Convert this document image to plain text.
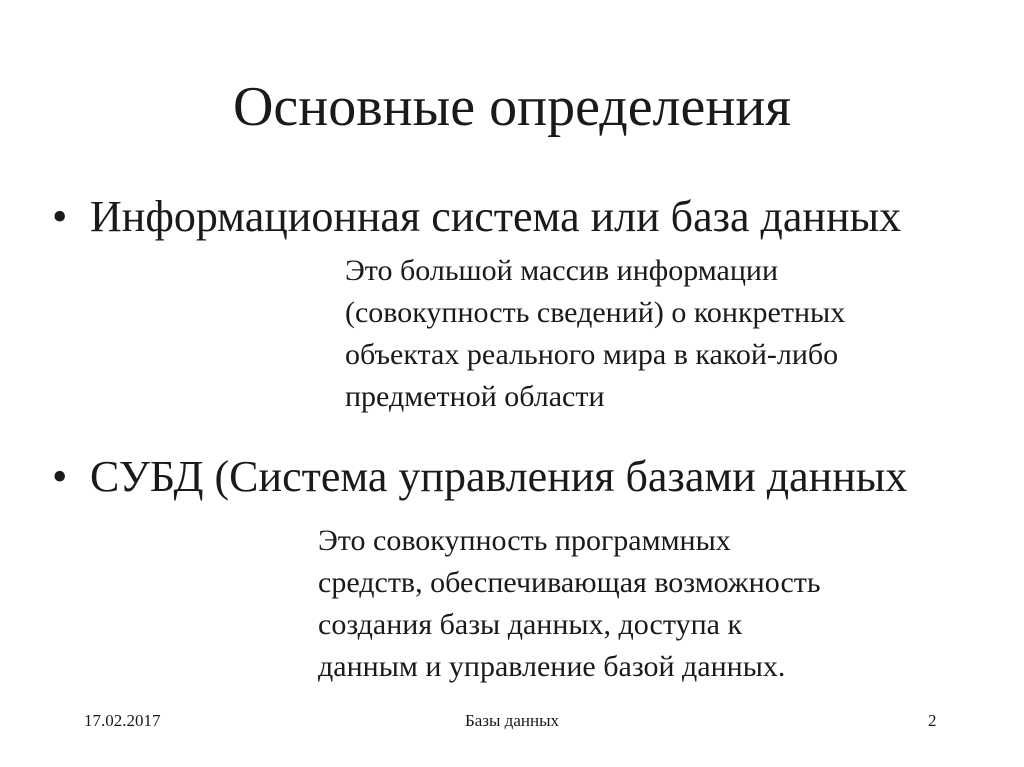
Основные определения
• Информационная система или база данных
Это большой массив информации
(совокупность сведений) о конкретных
объектах реального мира в какой-либо
предметной области
• СУБД (Система управления базами данных
Это совокупность программных
средств, обеспечивающая возможность
создания базы данных, доступа к
данным и управление базой данных.
17.02.2017	Базы данных	2
